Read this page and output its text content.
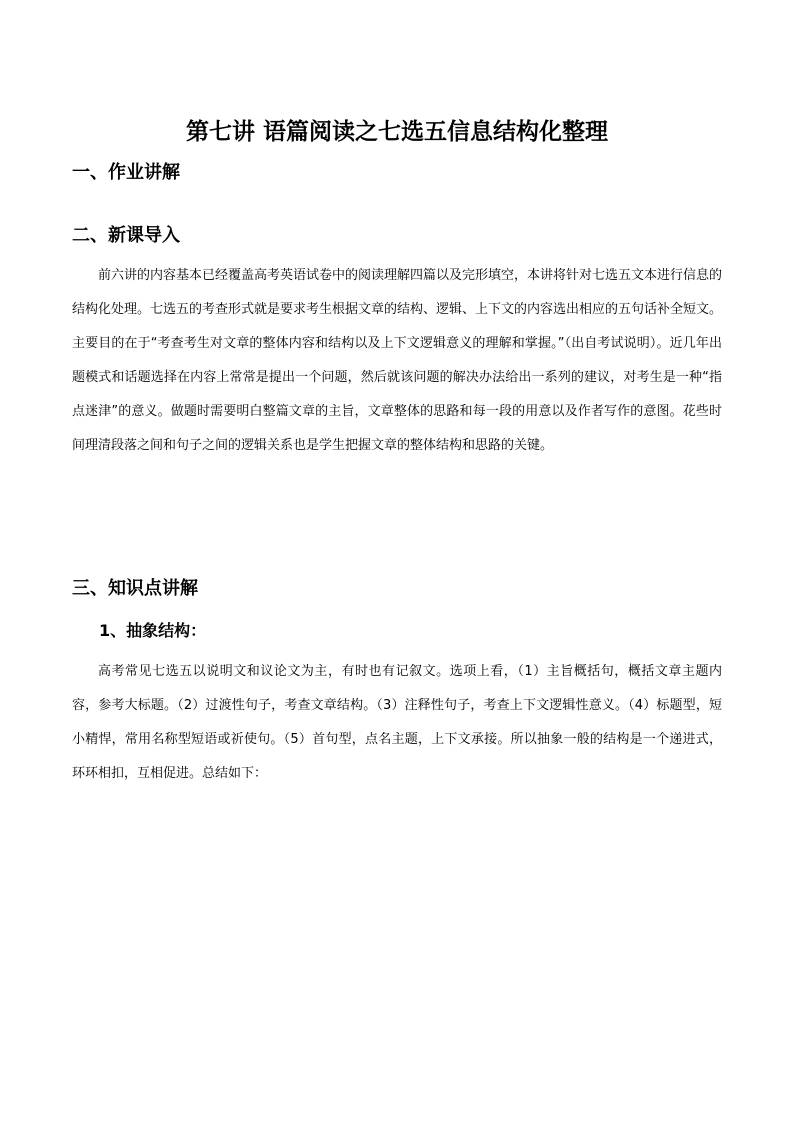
第七讲 语篇阅读之七选五信息结构化整理
一、作业讲解
二、新课导入

前六讲的内容基本已经覆盖高考英语试卷中的阅读理解四篇以及完形填空，本讲将针对七选五文本进行信息的结构化处理。七选五的考查形式就是要求考生根据文章的结构、逻辑、上下文的内容选出相应的五句话补全短文。主要目的在于“考查考生对文章的整体内容和结构以及上下文逻辑意义的理解和掌握。”（出自考试说明）。近几年出题模式和话题选择在内容上常常是提出一个问题，然后就该问题的解决办法给出一系列的建议，对考生是一种“指点迷津”的意义。做题时需要明白整篇文章的主旨，文章整体的思路和每一段的用意以及作者写作的意图。花些时间理清段落之间和句子之间的逻辑关系也是学生把握文章的整体结构和思路的关键。

三、知识点讲解
1、抽象结构：

高考常见七选五以说明文和议论文为主，有时也有记叙文。选项上看，（1）主旨概括句，概括文章主题内容，参考大标题。（2）过渡性句子，考查文章结构。（3）注释性句子，考查上下文逻辑性意义。（4）标题型，短小精悍，常用名称型短语或祈使句。（5）首句型，点名主题，上下文承接。所以抽象一般的结构是一个递进式，环环相扣，互相促进。总结如下：
